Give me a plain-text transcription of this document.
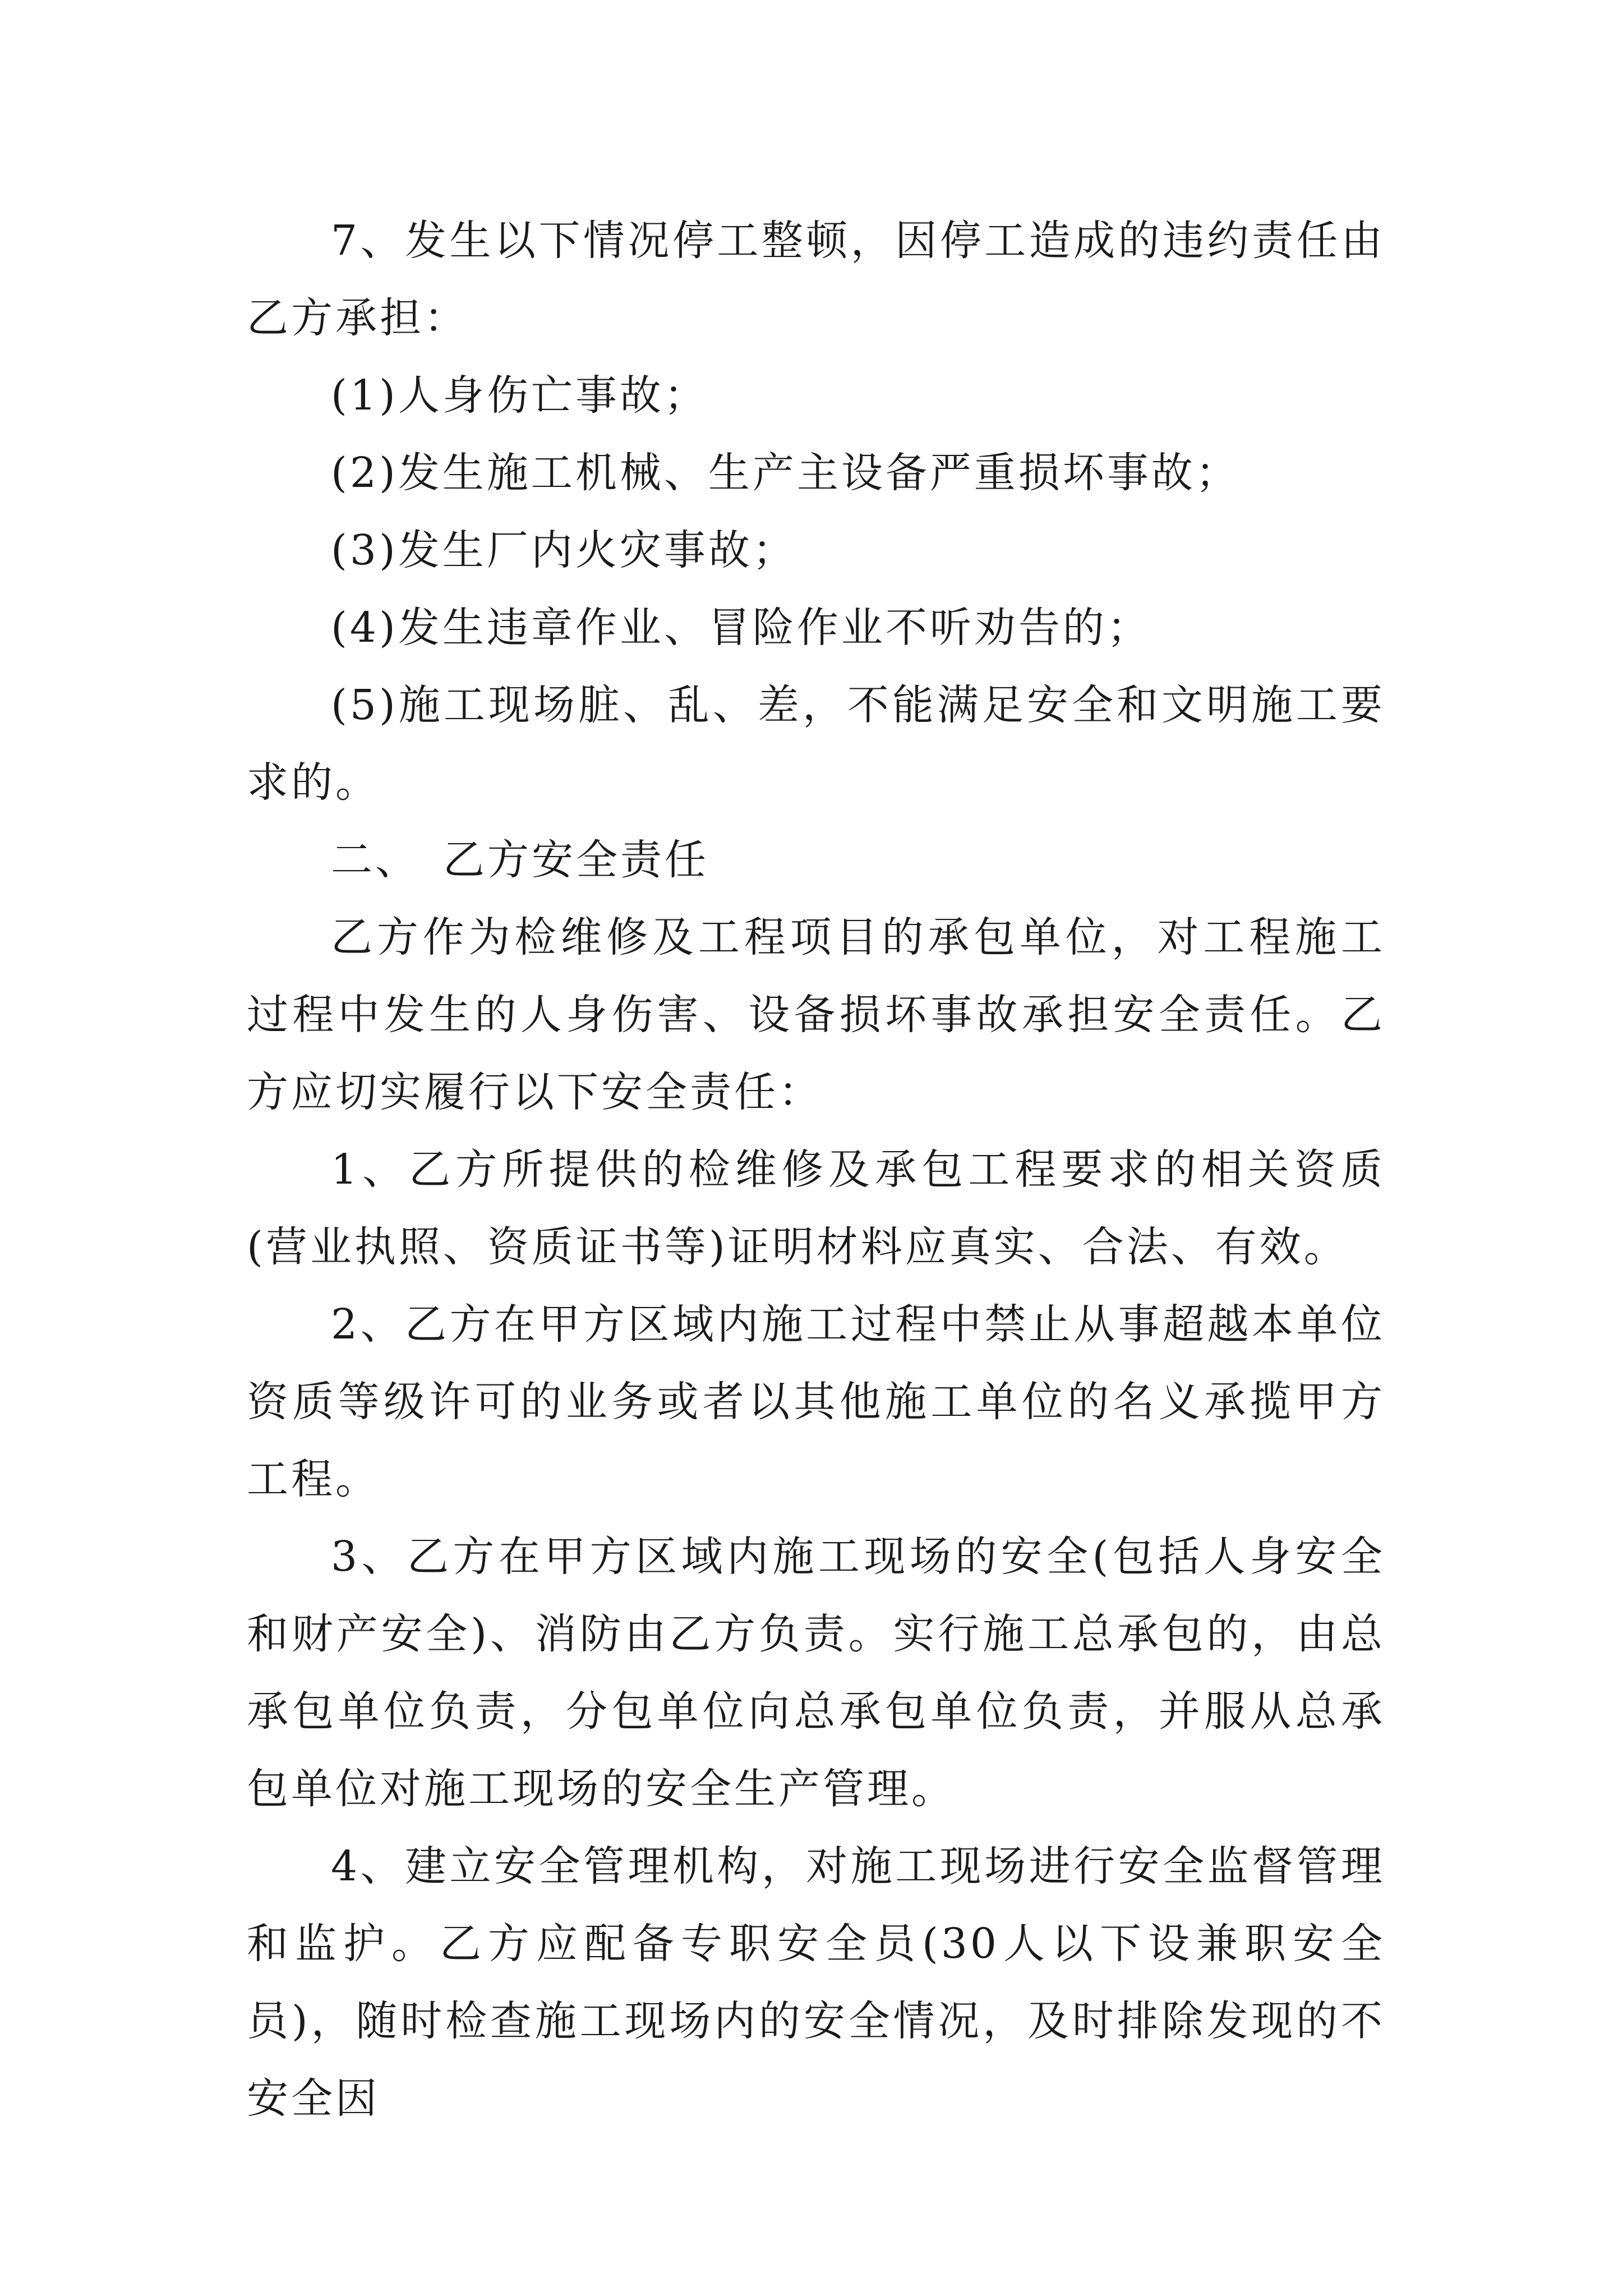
7、发生以下情况停工整顿，因停工造成的违约责任由乙方承担：

(1)人身伤亡事故；

(2)发生施工机械、生产主设备严重损坏事故；

(3)发生厂内火灾事故；

(4)发生违章作业、冒险作业不听劝告的；

(5)施工现场脏、乱、差，不能满足安全和文明施工要求的。

二、　乙方安全责任

乙方作为检维修及工程项目的承包单位，对工程施工过程中发生的人身伤害、设备损坏事故承担安全责任。乙方应切实履行以下安全责任：

1、乙方所提供的检维修及承包工程要求的相关资质(营业执照、资质证书等)证明材料应真实、合法、有效。

2、乙方在甲方区域内施工过程中禁止从事超越本单位资质等级许可的业务或者以其他施工单位的名义承揽甲方工程。

3、乙方在甲方区域内施工现场的安全(包括人身安全和财产安全)、消防由乙方负责。实行施工总承包的，由总承包单位负责，分包单位向总承包单位负责，并服从总承包单位对施工现场的安全生产管理。

4、建立安全管理机构，对施工现场进行安全监督管理和监护。乙方应配备专职安全员(30人以下设兼职安全员)，随时检查施工现场内的安全情况，及时排除发现的不安全因
